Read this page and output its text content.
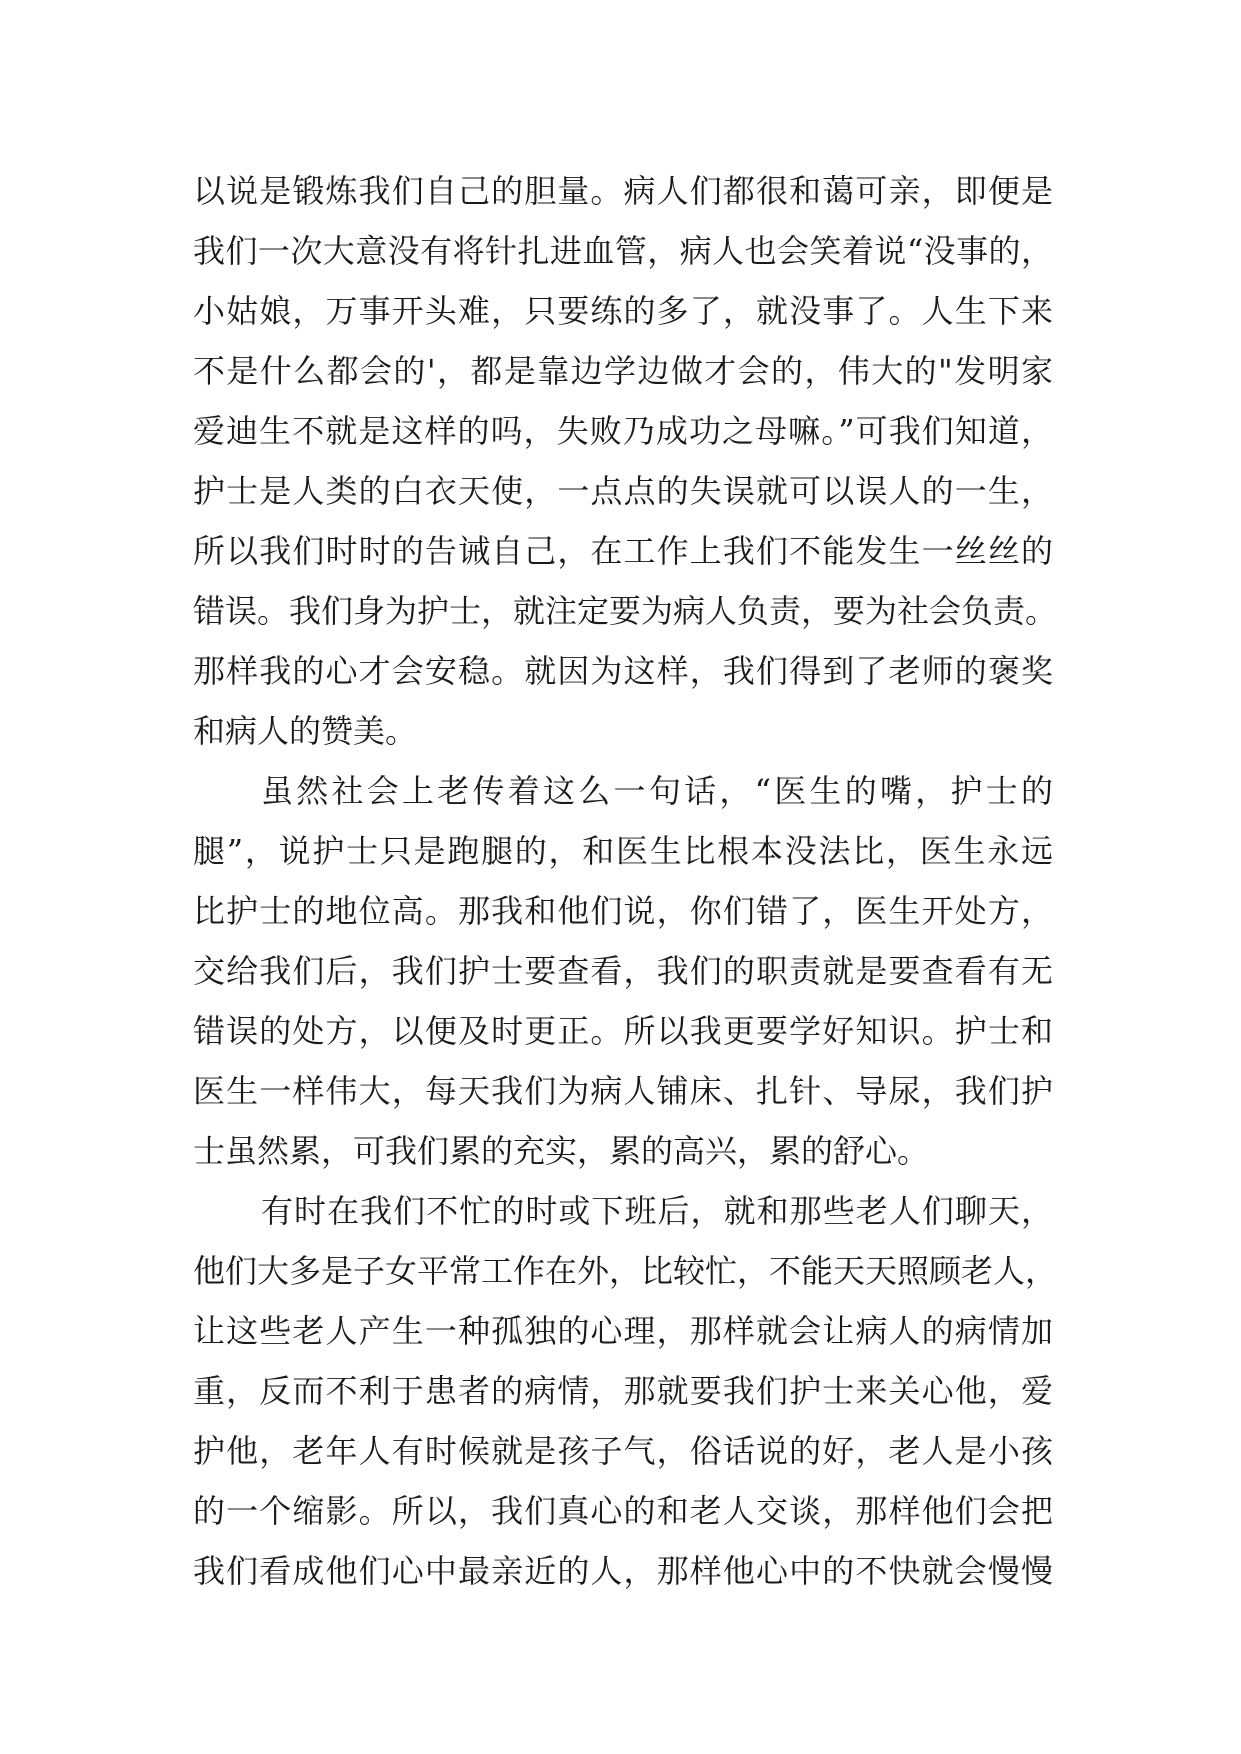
以说是锻炼我们自己的胆量。病人们都很和蔼可亲，即便是
我们一次大意没有将针扎进血管，病人也会笑着说“没事的，
小姑娘，万事开头难，只要练的多了，就没事了。人生下来
不是什么都会的'，都是靠边学边做才会的，伟大的"发明家
爱迪生不就是这样的吗，失败乃成功之母嘛。”可我们知道，
护士是人类的白衣天使，一点点的失误就可以误人的一生，
所以我们时时的告诫自己，在工作上我们不能发生一丝丝的
错误。我们身为护士，就注定要为病人负责，要为社会负责。
那样我的心才会安稳。就因为这样，我们得到了老师的褒奖
和病人的赞美。
虽然社会上老传着这么一句话，“医生的嘴，护士的
腿”，说护士只是跑腿的，和医生比根本没法比，医生永远
比护士的地位高。那我和他们说，你们错了，医生开处方，
交给我们后，我们护士要查看，我们的职责就是要查看有无
错误的处方，以便及时更正。所以我更要学好知识。护士和
医生一样伟大，每天我们为病人铺床、扎针、导尿，我们护
士虽然累，可我们累的充实，累的高兴，累的舒心。
有时在我们不忙的时或下班后，就和那些老人们聊天，
他们大多是子女平常工作在外，比较忙，不能天天照顾老人，
让这些老人产生一种孤独的心理，那样就会让病人的病情加
重，反而不利于患者的病情，那就要我们护士来关心他，爱
护他，老年人有时候就是孩子气，俗话说的好，老人是小孩
的一个缩影。所以，我们真心的和老人交谈，那样他们会把
我们看成他们心中最亲近的人，那样他心中的不快就会慢慢
